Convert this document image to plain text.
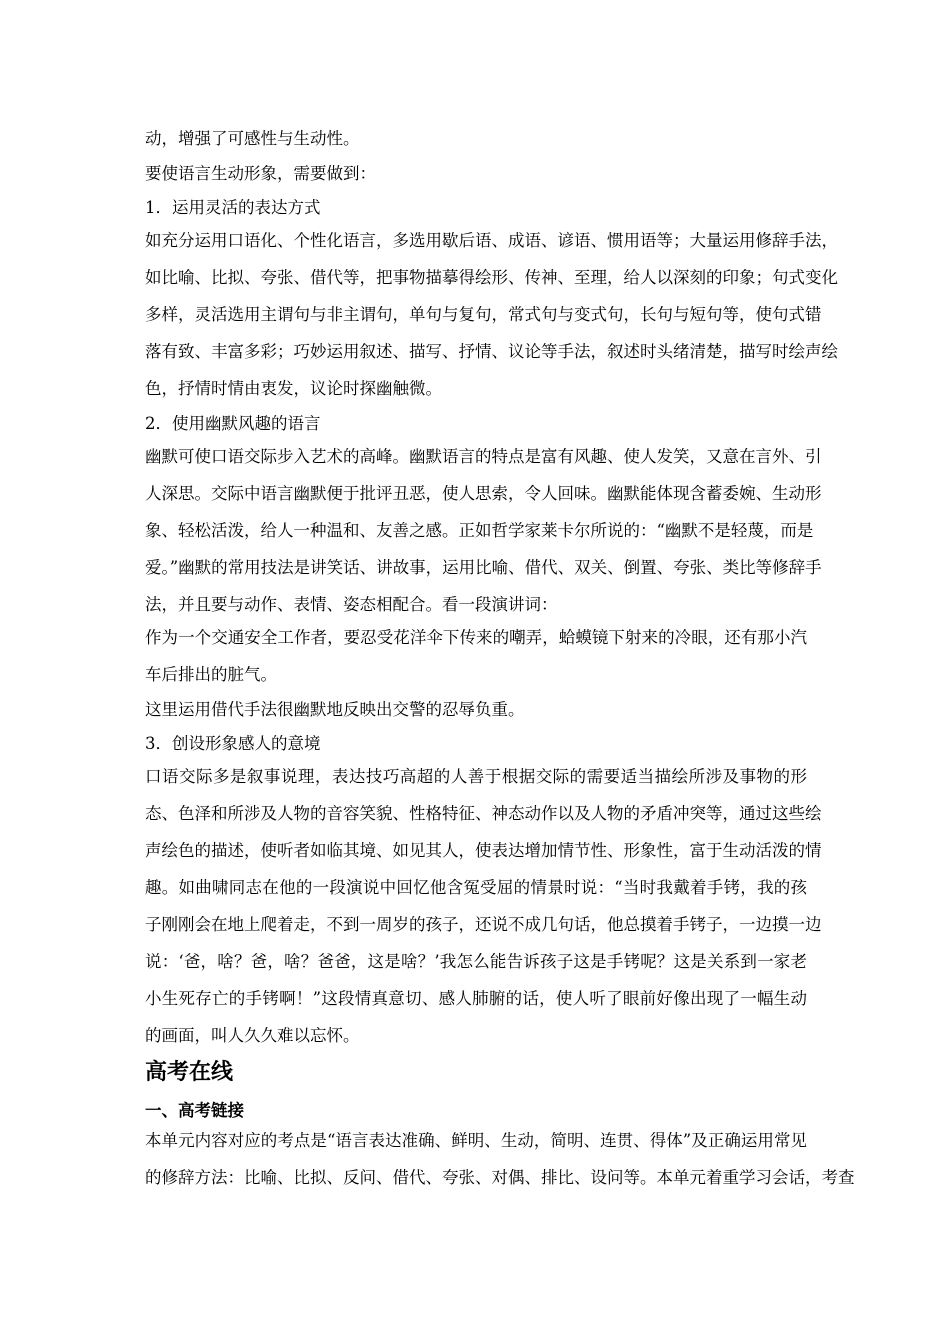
动，增强了可感性与生动性。
要使语言生动形象，需要做到：
1．运用灵活的表达方式
如充分运用口语化、个性化语言，多选用歇后语、成语、谚语、惯用语等；大量运用修辞手法，
如比喻、比拟、夸张、借代等，把事物描摹得绘形、传神、至理，给人以深刻的印象；句式变化
多样，灵活选用主谓句与非主谓句，单句与复句，常式句与变式句，长句与短句等，使句式错
落有致、丰富多彩；巧妙运用叙述、描写、抒情、议论等手法，叙述时头绪清楚，描写时绘声绘
色，抒情时情由衷发，议论时探幽触微。
2．使用幽默风趣的语言
幽默可使口语交际步入艺术的高峰。幽默语言的特点是富有风趣、使人发笑，又意在言外、引
人深思。交际中语言幽默便于批评丑恶，使人思索，令人回味。幽默能体现含蓄委婉、生动形
象、轻松活泼，给人一种温和、友善之感。正如哲学家莱卡尔所说的：“幽默不是轻蔑，而是
爱。”幽默的常用技法是讲笑话、讲故事，运用比喻、借代、双关、倒置、夸张、类比等修辞手
法，并且要与动作、表情、姿态相配合。看一段演讲词：
作为一个交通安全工作者，要忍受花洋伞下传来的嘲弄，蛤蟆镜下射来的冷眼，还有那小汽
车后排出的脏气。
这里运用借代手法很幽默地反映出交警的忍辱负重。
3．创设形象感人的意境
口语交际多是叙事说理，表达技巧高超的人善于根据交际的需要适当描绘所涉及事物的形
态、色泽和所涉及人物的音容笑貌、性格特征、神态动作以及人物的矛盾冲突等，通过这些绘
声绘色的描述，使听者如临其境、如见其人，使表达增加情节性、形象性，富于生动活泼的情
趣。如曲啸同志在他的一段演说中回忆他含冤受屈的情景时说：“当时我戴着手铐，我的孩
子刚刚会在地上爬着走，不到一周岁的孩子，还说不成几句话，他总摸着手铐子，一边摸一边
说：‘爸，啥？爸，啥？爸爸，这是啥？’我怎么能告诉孩子这是手铐呢？这是关系到一家老
小生死存亡的手铐啊！”这段情真意切、感人肺腑的话，使人听了眼前好像出现了一幅生动
的画面，叫人久久难以忘怀。
高考在线
一、高考链接
本单元内容对应的考点是“语言表达准确、鲜明、生动，简明、连贯、得体”及正确运用常见
的修辞方法：比喻、比拟、反问、借代、夸张、对偶、排比、设问等。本单元着重学习会话，考查
